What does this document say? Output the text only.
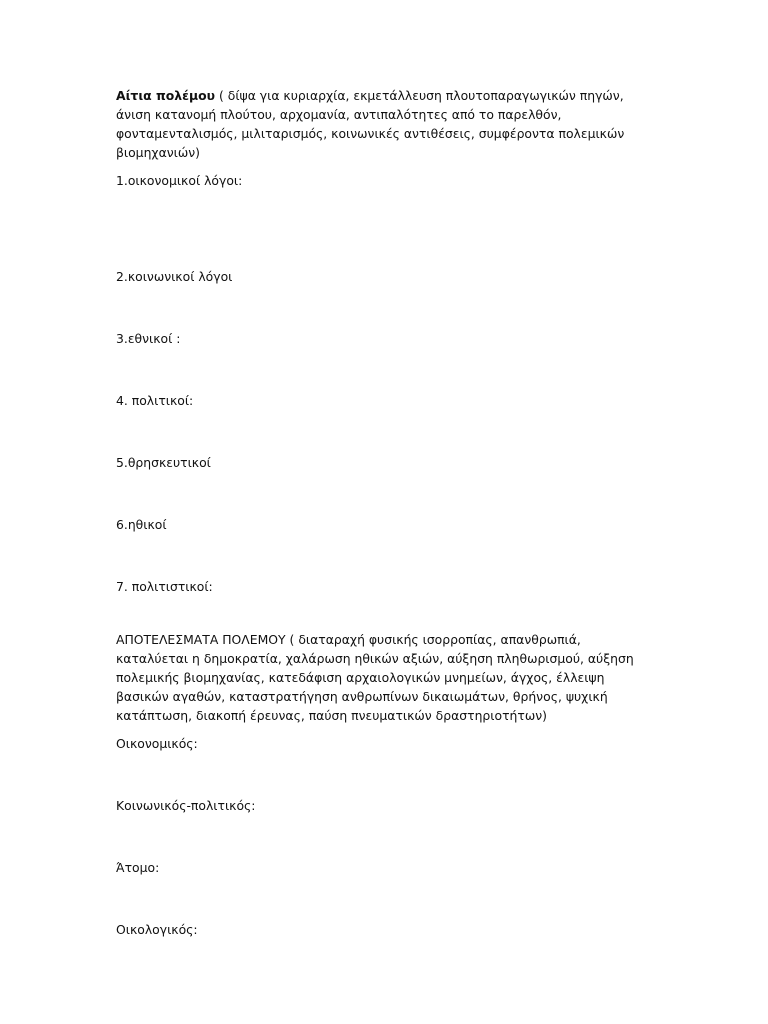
Αίτια πολέμου ( δίψα για κυριαρχία, εκμετάλλευση πλουτοπαραγωγικών πηγών, άνιση κατανομή πλούτου, αρχομανία, αντιπαλότητες από το παρελθόν, φονταμενταλισμός, μιλιταρισμός, κοινωνικές αντιθέσεις, συμφέροντα πολεμικών βιομηχανιών)

1.οικονομικοί λόγοι:

2.κοινωνικοί λόγοι

3.εθνικοί :

4. πολιτικοί:

5.θρησκευτικοί

6.ηθικοί

7. πολιτιστικοί:

ΑΠΟΤΕΛΕΣΜΑΤΑ ΠΟΛΕΜΟΥ ( διαταραχή φυσικής ισορροπίας, απανθρωπιά, καταλύεται η δημοκρατία, χαλάρωση ηθικών αξιών, αύξηση πληθωρισμού, αύξηση πολεμικής βιομηχανίας, κατεδάφιση αρχαιολογικών μνημείων, άγχος, έλλειψη βασικών αγαθών, καταστρατήγηση ανθρωπίνων δικαιωμάτων, θρήνος, ψυχική κατάπτωση, διακοπή έρευνας, παύση πνευματικών δραστηριοτήτων)

Οικονομικός:

Κοινωνικός-πολιτικός:

Άτομο:

Οικολογικός:
